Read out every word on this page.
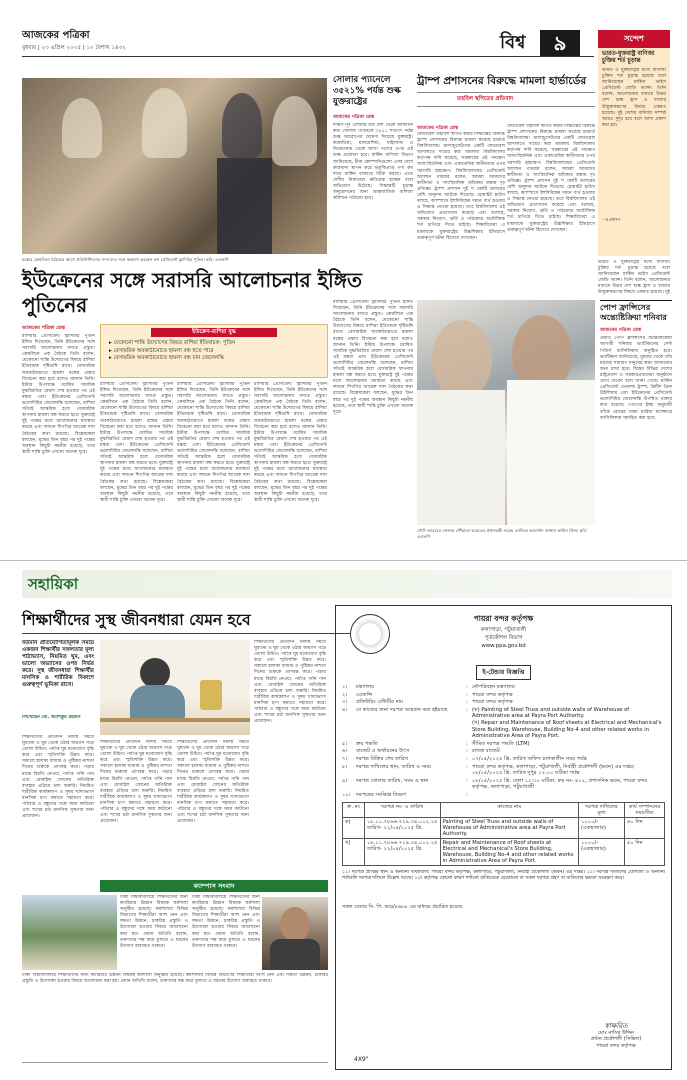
আজকের পত্রিকা
বুধবার | ২৩ এপ্রিল ২০২৫ | ১০ বৈশাখ ১৪৩২	বিশ্ব	৯	সন্দেশ
ভারত-যুক্তরাষ্ট্র বাণিজ্য চুক্তির শর্ত চূড়ান্ত
ভারত ও যুক্তরাষ্ট্রের মধ্যে বাণিজ্য চুক্তির শর্ত চূড়ান্ত হয়েছে বলে জানিয়েছেন মার্কিন ভাইস প্রেসিডেন্ট জেডি ভ্যান্স। তিনি বলেন, আলোচনার মাধ্যমে উভয় দেশ শুল্ক হ্রাস ও বাজার উন্মুক্তকরণের বিষয়ে একমত হয়েছে। দুই দেশের বাণিজ্য সম্পর্ক আরও সুদৃঢ় হবে বলে আশা প্রকাশ করা হয়।
- এএফপি
মস্কোর ক্রেমলিনে বৈঠকের আগে প্রতিনিধিদলের সদস্যদের সঙ্গে করমর্দন করছেন রুশ প্রেসিডেন্ট ভ্লাদিমির পুতিন। ছবি: এএফপি
সোলার প্যানেলে ৩৫২১% পর্যন্ত শুল্ক যুক্তরাষ্ট্রের
আজকের পত্রিকা ডেস্ক
দক্ষিণ-পূর্ব এশিয়ার চার দেশ থেকে আমদানি করা সোলার প্যানেলে ৩৫২১ শতাংশ পর্যন্ত শুল্ক আরোপের ঘোষণা দিয়েছে যুক্তরাষ্ট্র। কম্বোডিয়া, মালয়েশিয়া, থাইল্যান্ড ও ভিয়েতনাম থেকে আসা পণ্যের ওপর এই শুল্ক প্রযোজ্য হবে। মার্কিন বাণিজ্য বিভাগ জানিয়েছে, চীনা কোম্পানিগুলো এসব দেশে কারখানা স্থাপন করে ভর্তুকিপ্রাপ্ত পণ্য কম দামে মার্কিন বাজারে বিক্রি করছে। এতে দেশীয় নির্মাতারা ক্ষতিগ্রস্ত হচ্ছেন বলে অভিযোগ উঠেছে। সিদ্ধান্তটি চূড়ান্ত অনুমোদনের জন্য আন্তর্জাতিক বাণিজ্য কমিশনে পাঠানো হবে।
ট্রাম্প প্রশাসনের বিরুদ্ধে মামলা হার্ভার্ডের
তহবিল স্থগিতের প্রতিবাদ
আজকের পত্রিকা ডেস্ক
ফেডারেল তহবিল স্থগিত করার সিদ্ধান্তের বিরুদ্ধে ট্রাম্প প্রশাসনের বিরুদ্ধে মামলা করেছে হার্ভার্ড বিশ্ববিদ্যালয়। ম্যাসাচুসেটসের একটি ফেডারেল আদালতে দায়ের করা মামলায় বিশ্ববিদ্যালয় কর্তৃপক্ষ দাবি করেছে, সরকারের এই পদক্ষেপ অসাংবিধানিক এবং একাডেমিক স্বাধীনতার ওপর সরাসরি হস্তক্ষেপ। বিশ্ববিদ্যালয়ের প্রেসিডেন্ট অ্যালান গারবার বলেন, আমরা আমাদের স্বাধীনতা ও সাংবিধানিক অধিকার রক্ষায় দৃঢ় প্রতিজ্ঞ। ট্রাম্প প্রশাসন দুই শ কোটি ডলারের বেশি অনুদান আটকে দিয়েছে। হোয়াইট হাউস বলছে, ক্যাম্পাসে ইহুদিবিদ্বেষ দমনে ব্যর্থ হওয়ায় এ সিদ্ধান্ত নেওয়া হয়েছে। তবে বিশ্ববিদ্যালয় এই অভিযোগ প্রত্যাখ্যান করেছে এবং বলেছে, সরকার নিয়োগ, ভর্তি ও পাঠ্যক্রমে অযৌক্তিক শর্ত চাপিয়ে দিতে চাইছে। শিক্ষাবিদেরা এ মামলাকে যুক্তরাষ্ট্রের উচ্চশিক্ষার ইতিহাসে গুরুত্বপূর্ণ ঘটনা হিসেবে দেখছেন।
ফেডারেল তহবিল স্থগিত করার সিদ্ধান্তের বিরুদ্ধে ট্রাম্প প্রশাসনের বিরুদ্ধে মামলা করেছে হার্ভার্ড বিশ্ববিদ্যালয়। ম্যাসাচুসেটসের একটি ফেডারেল আদালতে দায়ের করা মামলায় বিশ্ববিদ্যালয় কর্তৃপক্ষ দাবি করেছে, সরকারের এই পদক্ষেপ অসাংবিধানিক এবং একাডেমিক স্বাধীনতার ওপর সরাসরি হস্তক্ষেপ। বিশ্ববিদ্যালয়ের প্রেসিডেন্ট অ্যালান গারবার বলেন, আমরা আমাদের স্বাধীনতা ও সাংবিধানিক অধিকার রক্ষায় দৃঢ় প্রতিজ্ঞ। ট্রাম্প প্রশাসন দুই শ কোটি ডলারের বেশি অনুদান আটকে দিয়েছে। হোয়াইট হাউস বলছে, ক্যাম্পাসে ইহুদিবিদ্বেষ দমনে ব্যর্থ হওয়ায় এ সিদ্ধান্ত নেওয়া হয়েছে। তবে বিশ্ববিদ্যালয় এই অভিযোগ প্রত্যাখ্যান করেছে এবং বলেছে, সরকার নিয়োগ, ভর্তি ও পাঠ্যক্রমে অযৌক্তিক শর্ত চাপিয়ে দিতে চাইছে। শিক্ষাবিদেরা এ মামলাকে যুক্তরাষ্ট্রের উচ্চশিক্ষার ইতিহাসে গুরুত্বপূর্ণ ঘটনা হিসেবে দেখছেন।
পোপ ফ্রান্সিসের অন্ত্যেষ্টিক্রিয়া শনিবার
আজকের পত্রিকা ডেস্ক
প্রয়াত পোপ ফ্রান্সিসের অন্ত্যেষ্টিক্রিয়া আগামী শনিবার ভ্যাটিকানের সেন্ট পিটার্স ব্যাসিলিকায় অনুষ্ঠিত হবে। ভ্যাটিকান জানিয়েছে, বুধবার থেকে তাঁর মরদেহ সাধারণ মানুষের শ্রদ্ধা জানানোর জন্য রাখা হবে। বিশ্বের বিভিন্ন দেশের রাষ্ট্রপ্রধান ও সরকারপ্রধানেরা অনুষ্ঠানে যোগ দেবেন বলে জানা গেছে। মার্কিন প্রেসিডেন্ট ডোনাল্ড ট্রাম্প, ব্রিটিশ প্রিন্স উইলিয়াম এবং ইউক্রেনের প্রেসিডেন্ট ভলোদিমির জেলেনস্কি উপস্থিত থাকার কথা রয়েছে। পোপের ইচ্ছা অনুযায়ী তাঁকে রোমের সান্তা মারিয়া মাজ্জোরে ব্যাসিলিকায় সমাহিত করা হবে।
ভারত ও যুক্তরাষ্ট্রের মধ্যে বাণিজ্য চুক্তির শর্ত চূড়ান্ত হয়েছে বলে জানিয়েছেন মার্কিন ভাইস প্রেসিডেন্ট জেডি ভ্যান্স। তিনি বলেন, আলোচনার মাধ্যমে উভয় দেশ শুল্ক হ্রাস ও বাজার উন্মুক্তকরণের বিষয়ে একমত হয়েছে। দুই
সৌদি আরবের জেদ্দায় পৌঁছালে ভারতের প্রধানমন্ত্রী নরেন্দ্র মোদিকে অভ্যর্থনা জানান ক্রাউন প্রিন্স। ছবি: এএফপি
ইউক্রেনের সঙ্গে সরাসরি আলোচনার ইঙ্গিত পুতিনের
আজকের পত্রিকা ডেস্ক
রাশিয়ার প্রেসিডেন্ট ভ্লাদিমির পুতিন ইঙ্গিত দিয়েছেন, তিনি ইউক্রেনের সঙ্গে সরাসরি আলোচনায় বসতে প্রস্তুত। ক্রেমলিনে এক বৈঠকে তিনি বলেন, যেকোনো শান্তি উদ্যোগের বিষয়ে রাশিয়া ইতিবাচক দৃষ্টিভঙ্গি রাখে। বেসামরিক অবকাঠামোতে হামলা বন্ধের প্রস্তাব বিবেচনা করা হবে বলেও জানান তিনি। ইস্টার উপলক্ষে ঘোষিত সাময়িক যুদ্ধবিরতির মেয়াদ শেষ হওয়ার পর এই মন্তব্য এল। ইউক্রেনের প্রেসিডেন্ট ভলোদিমির জেলেনস্কি বলেছেন, রাশিয়া সত্যিই আন্তরিক হলে বেসামরিক স্থাপনায় হামলা বন্ধ করতে হবে। যুক্তরাষ্ট্র দুই পক্ষের মধ্যে আলোচনার মধ্যস্থতা করছে এবং লন্ডনে শিগগির আরেক দফা বৈঠকের কথা রয়েছে। বিশ্লেষকেরা বলছেন, যুদ্ধের তিন বছর পর দুই পক্ষের অবস্থান কিছুটা নমনীয় হয়েছে, তবে স্থায়ী শান্তি চুক্তি এখনো অনেক দূরে।
ইউক্রেন-রাশিয়া যুদ্ধ
▸ যেকোনো শান্তি উদ্যোগের বিষয়ে রাশিয়া ইতিবাচক: পুতিন
▸ বেসামরিক অবকাঠামোতে হামলা বন্ধ হতে পারে
▸ বেসামরিক অবকাঠামোতে হামলা বন্ধ চান জেলেনস্কি
রাশিয়ার প্রেসিডেন্ট ভ্লাদিমির পুতিন ইঙ্গিত দিয়েছেন, তিনি ইউক্রেনের সঙ্গে সরাসরি আলোচনায় বসতে প্রস্তুত। ক্রেমলিনে এক বৈঠকে তিনি বলেন, যেকোনো শান্তি উদ্যোগের বিষয়ে রাশিয়া ইতিবাচক দৃষ্টিভঙ্গি রাখে। বেসামরিক অবকাঠামোতে হামলা বন্ধের প্রস্তাব বিবেচনা করা হবে বলেও জানান তিনি। ইস্টার উপলক্ষে ঘোষিত সাময়িক যুদ্ধবিরতির মেয়াদ শেষ হওয়ার পর এই মন্তব্য এল। ইউক্রেনের প্রেসিডেন্ট ভলোদিমির জেলেনস্কি বলেছেন, রাশিয়া সত্যিই আন্তরিক হলে বেসামরিক স্থাপনায় হামলা বন্ধ করতে হবে। যুক্তরাষ্ট্র দুই পক্ষের মধ্যে আলোচনার মধ্যস্থতা করছে এবং লন্ডনে শিগগির আরেক দফা বৈঠকের কথা রয়েছে। বিশ্লেষকেরা বলছেন, যুদ্ধের তিন বছর পর দুই পক্ষের অবস্থান কিছুটা নমনীয় হয়েছে, তবে স্থায়ী শান্তি চুক্তি এখনো অনেক দূরে।
রাশিয়ার প্রেসিডেন্ট ভ্লাদিমির পুতিন ইঙ্গিত দিয়েছেন, তিনি ইউক্রেনের সঙ্গে সরাসরি আলোচনায় বসতে প্রস্তুত। ক্রেমলিনে এক বৈঠকে তিনি বলেন, যেকোনো শান্তি উদ্যোগের বিষয়ে রাশিয়া ইতিবাচক দৃষ্টিভঙ্গি রাখে। বেসামরিক অবকাঠামোতে হামলা বন্ধের প্রস্তাব বিবেচনা করা হবে বলেও জানান তিনি। ইস্টার উপলক্ষে ঘোষিত সাময়িক যুদ্ধবিরতির মেয়াদ শেষ হওয়ার পর এই মন্তব্য এল। ইউক্রেনের প্রেসিডেন্ট ভলোদিমির জেলেনস্কি বলেছেন, রাশিয়া সত্যিই আন্তরিক হলে বেসামরিক স্থাপনায় হামলা বন্ধ করতে হবে। যুক্তরাষ্ট্র দুই পক্ষের মধ্যে আলোচনার মধ্যস্থতা করছে এবং লন্ডনে শিগগির আরেক দফা বৈঠকের কথা রয়েছে। বিশ্লেষকেরা বলছেন, যুদ্ধের তিন বছর পর দুই পক্ষের অবস্থান কিছুটা নমনীয় হয়েছে, তবে স্থায়ী শান্তি চুক্তি এখনো অনেক দূরে।
রাশিয়ার প্রেসিডেন্ট ভ্লাদিমির পুতিন ইঙ্গিত দিয়েছেন, তিনি ইউক্রেনের সঙ্গে সরাসরি আলোচনায় বসতে প্রস্তুত। ক্রেমলিনে এক বৈঠকে তিনি বলেন, যেকোনো শান্তি উদ্যোগের বিষয়ে রাশিয়া ইতিবাচক দৃষ্টিভঙ্গি রাখে। বেসামরিক অবকাঠামোতে হামলা বন্ধের প্রস্তাব বিবেচনা করা হবে বলেও জানান তিনি। ইস্টার উপলক্ষে ঘোষিত সাময়িক যুদ্ধবিরতির মেয়াদ শেষ হওয়ার পর এই মন্তব্য এল। ইউক্রেনের প্রেসিডেন্ট ভলোদিমির জেলেনস্কি বলেছেন, রাশিয়া সত্যিই আন্তরিক হলে বেসামরিক স্থাপনায় হামলা বন্ধ করতে হবে। যুক্তরাষ্ট্র দুই পক্ষের মধ্যে আলোচনার মধ্যস্থতা করছে এবং লন্ডনে শিগগির আরেক দফা বৈঠকের কথা রয়েছে। বিশ্লেষকেরা বলছেন, যুদ্ধের তিন বছর পর দুই পক্ষের অবস্থান কিছুটা নমনীয় হয়েছে, তবে স্থায়ী শান্তি চুক্তি এখনো অনেক দূরে।
রাশিয়ার প্রেসিডেন্ট ভ্লাদিমির পুতিন ইঙ্গিত দিয়েছেন, তিনি ইউক্রেনের সঙ্গে সরাসরি আলোচনায় বসতে প্রস্তুত। ক্রেমলিনে এক বৈঠকে তিনি বলেন, যেকোনো শান্তি উদ্যোগের বিষয়ে রাশিয়া ইতিবাচক দৃষ্টিভঙ্গি রাখে। বেসামরিক অবকাঠামোতে হামলা বন্ধের প্রস্তাব বিবেচনা করা হবে বলেও জানান তিনি। ইস্টার উপলক্ষে ঘোষিত সাময়িক যুদ্ধবিরতির মেয়াদ শেষ হওয়ার পর এই মন্তব্য এল। ইউক্রেনের প্রেসিডেন্ট ভলোদিমির জেলেনস্কি বলেছেন, রাশিয়া সত্যিই আন্তরিক হলে বেসামরিক স্থাপনায় হামলা বন্ধ করতে হবে। যুক্তরাষ্ট্র দুই পক্ষের মধ্যে আলোচনার মধ্যস্থতা করছে এবং লন্ডনে শিগগির আরেক দফা বৈঠকের কথা রয়েছে। বিশ্লেষকেরা বলছেন, যুদ্ধের তিন বছর পর দুই পক্ষের অবস্থান কিছুটা নমনীয় হয়েছে, তবে স্থায়ী শান্তি চুক্তি এখনো অনেক দূরে।
সহায়িকা
শিক্ষার্থীদের সুস্থ জীবনধারা যেমন হবে
বর্তমান প্রতিযোগিতামূলক সময়ে একজন শিক্ষার্থীর সফলতার মূল্য পাঠাভ্যাস, নিয়মিত ঘুম, এবং ভালো অভ্যাসের ওপর নির্ভর করে। সুস্থ জীবনধারা শিক্ষার্থীর মানসিক ও শারীরিক বিকাশে গুরুত্বপূর্ণ ভূমিকা রাখে।
লিখেছেন মো. আশিকুর রহমান
শিক্ষার্থীদের প্রতিদিন নির্দিষ্ট সময়ে ঘুমানো ও ঘুম থেকে ওঠার অভ্যাস গড়ে তোলা উচিত। পর্যাপ্ত ঘুম মনোযোগ বৃদ্ধি করে এবং স্মৃতিশক্তি উন্নত করে। সকালে হালকা ব্যায়াম ও পুষ্টিকর নাশতা দিনের শুরুকে প্রাণবন্ত করে। পড়ার মাঝে বিরতি নেওয়া, পর্যাপ্ত পানি পান এবং মোবাইল ফোনের অতিরিক্ত ব্যবহার এড়িয়ে চলা জরুরি। নিয়মিত শারীরিক কার্যকলাপ ও সুষম খাদ্যাভ্যাস মানসিক চাপ কমাতে সহায়তা করে। পরিবার ও বন্ধুদের সঙ্গে সময় কাটানো এবং শখের চর্চা মানসিক সুস্থতার জন্য প্রয়োজন।
শিক্ষার্থীদের প্রতিদিন নির্দিষ্ট সময়ে ঘুমানো ও ঘুম থেকে ওঠার অভ্যাস গড়ে তোলা উচিত। পর্যাপ্ত ঘুম মনোযোগ বৃদ্ধি করে এবং স্মৃতিশক্তি উন্নত করে। সকালে হালকা ব্যায়াম ও পুষ্টিকর নাশতা দিনের শুরুকে প্রাণবন্ত করে। পড়ার মাঝে বিরতি নেওয়া, পর্যাপ্ত পানি পান এবং মোবাইল ফোনের অতিরিক্ত ব্যবহার এড়িয়ে চলা জরুরি। নিয়মিত শারীরিক কার্যকলাপ ও সুষম খাদ্যাভ্যাস মানসিক চাপ কমাতে সহায়তা করে। পরিবার ও বন্ধুদের সঙ্গে সময় কাটানো এবং শখের চর্চা মানসিক সুস্থতার জন্য প্রয়োজন।
শিক্ষার্থীদের প্রতিদিন নির্দিষ্ট সময়ে ঘুমানো ও ঘুম থেকে ওঠার অভ্যাস গড়ে তোলা উচিত। পর্যাপ্ত ঘুম মনোযোগ বৃদ্ধি করে এবং স্মৃতিশক্তি উন্নত করে। সকালে হালকা ব্যায়াম ও পুষ্টিকর নাশতা দিনের শুরুকে প্রাণবন্ত করে। পড়ার মাঝে বিরতি নেওয়া, পর্যাপ্ত পানি পান এবং মোবাইল ফোনের অতিরিক্ত ব্যবহার এড়িয়ে চলা জরুরি। নিয়মিত শারীরিক কার্যকলাপ ও সুষম খাদ্যাভ্যাস মানসিক চাপ কমাতে সহায়তা করে। পরিবার ও বন্ধুদের সঙ্গে সময় কাটানো এবং শখের চর্চা মানসিক সুস্থতার জন্য প্রয়োজন।
শিক্ষার্থীদের প্রতিদিন নির্দিষ্ট সময়ে ঘুমানো ও ঘুম থেকে ওঠার অভ্যাস গড়ে তোলা উচিত। পর্যাপ্ত ঘুম মনোযোগ বৃদ্ধি করে এবং স্মৃতিশক্তি উন্নত করে। সকালে হালকা ব্যায়াম ও পুষ্টিকর নাশতা দিনের শুরুকে প্রাণবন্ত করে। পড়ার মাঝে বিরতি নেওয়া, পর্যাপ্ত পানি পান এবং মোবাইল ফোনের অতিরিক্ত ব্যবহার এড়িয়ে চলা জরুরি। নিয়মিত শারীরিক কার্যকলাপ ও সুষম খাদ্যাভ্যাস মানসিক চাপ কমাতে সহায়তা করে। পরিবার ও বন্ধুদের সঙ্গে সময় কাটানো এবং শখের চর্চা মানসিক সুস্থতার জন্য প্রয়োজন।
ক্যাম্পাস সংবাদ
ঢাকা বিশ্ববিদ্যালয়ে শিক্ষার্থীদের জন্য ক্যারিয়ার উন্নয়ন বিষয়ক কর্মশালা অনুষ্ঠিত হয়েছে। কর্মশালায় বিভিন্ন বিভাগের শিক্ষার্থীরা অংশ নেন এবং দক্ষতা উন্নয়ন, চাকরির প্রস্তুতি ও উদ্যোক্তা হওয়ার বিষয়ে আলোচনা করা হয়। প্রধান অতিথি বলেন, তরুণদের দক্ষ করে তুলতে এ ধরনের উদ্যোগ অব্যাহত থাকবে।
ঢাকা বিশ্ববিদ্যালয়ে শিক্ষার্থীদের জন্য ক্যারিয়ার উন্নয়ন বিষয়ক কর্মশালা অনুষ্ঠিত হয়েছে। কর্মশালায় বিভিন্ন বিভাগের শিক্ষার্থীরা অংশ নেন এবং দক্ষতা উন্নয়ন, চাকরির প্রস্তুতি ও উদ্যোক্তা হওয়ার বিষয়ে আলোচনা করা হয়। প্রধান অতিথি বলেন, তরুণদের দক্ষ করে তুলতে এ ধরনের উদ্যোগ অব্যাহত থাকবে।
ঢাকা বিশ্ববিদ্যালয়ে শিক্ষার্থীদের জন্য ক্যারিয়ার উন্নয়ন বিষয়ক কর্মশালা অনুষ্ঠিত হয়েছে। কর্মশালায় বিভিন্ন বিভাগের শিক্ষার্থীরা অংশ নেন এবং দক্ষতা উন্নয়ন, চাকরির প্রস্তুতি ও উদ্যোক্তা হওয়ার বিষয়ে আলোচনা করা হয়। প্রধান অতিথি বলেন, তরুণদের দক্ষ করে তুলতে এ ধরনের উদ্যোগ অব্যাহত থাকবে।
পায়রা বন্দর কর্তৃপক্ষ
কলাপাড়া, পটুয়াখালী
পূর্তকৌশল বিভাগ
www.ppa.gov.bd
ই-টেন্ডার বিজ্ঞপ্তি
১।	মন্ত্রণালয়	: নৌপরিবহন মন্ত্রণালয়
২।	এজেন্সি	: পায়রা বন্দর কর্তৃপক্ষ
৩।	প্রকিউরিং এন্টিটির নাম	: পায়রা বন্দর কর্তৃপক্ষ
৪।	যে কাজের জন্য দরপত্র আহবান করা হইয়াছে	: (ক) Painting of Steel Truss and outside walls of Warehouse of Administrative area at Payra Port Authority.
(খ) Repair and Maintenance of Roof sheets at Electrical and Mechanical's Store Building, Warehouse, Building No-4 and other related works in Administrative Area of Payra Port.
৫।	ক্রয় পদ্ধতি	: সীমিত দরপত্র পদ্ধতি (LTM)
৬।	বাজেট ও অর্থায়নের উৎস	: রাজস্ব বাজেট
৭।	দরপত্র বিক্রির শেষ তারিখ	: ০৭/০৫/২০২৫ খ্রি. তারিখ অফিস চলাকালীন সময় পর্যন্ত
৮।	দরপত্র দাখিলের স্থান, তারিখ ও সময়	: পায়রা বন্দর কর্তৃপক্ষ, কলাপাড়া, পটুয়াখালী, নির্বাহী প্রকৌশলী (ভবন) এর দপ্তর; ০৮/০৫/২০২৫ খ্রি. তারিখ দুপুর ১২:০০ ঘটিকা পর্যন্ত
৯।	দরপত্র খোলার তারিখ, সময় ও স্থান	: ০৮/০৫/২০২৫ খ্রি. বেলা ১২:৩০ ঘটিকা, রুম নং- ৪১২, প্রশাসনিক ভবন, পায়রা বন্দর কর্তৃপক্ষ, কলাপাড়া, পটুয়াখালী
১০।	দরপত্রের সংক্ষিপ্ত বিবরণ	:
ক্র. নং	দরপত্র নং- ও তারিখ	কাজের নাম	দরপত্র দাখিলের মূল্য	কার্য সম্পাদনের সময়সীমা
ক)	১৮.১১.৭৮৬৬.৭২৯.৩৪.০০২.২৫ তারিখ- ২২/০৪/২০২৫ খ্রি.	Painting of Steel Truss and outside walls of Warehouse of Administrative area at Payra Port Authority.	১০০০/- (একহাজার)	৬০ দিন
খ)	১৮.১১.৭৮৬৬.৭২৯.৩৪.০০২.২৫ তারিখ- ২২/০৪/২০২৫ খ্রি.	Repair and Maintenance of Roof sheets at Electrical and Mechanical's Store Building, Warehouse, Building No-4 and other related works in Administrative Area of Payra Port.	১০০০/- (একহাজার)	৫০ দিন
১১। দরপত্র প্রাপ্তির স্থান ও অন্যান্য তথ্যাবলি: পায়রা বন্দর কর্তৃপক্ষ, কলাপাড়া, পটুয়াখালী, নির্বাহী প্রকৌশলী (ভবন) এর দপ্তর। ১২। দরপত্র দাতাদের যোগ্যতা ও অন্যান্য শর্তাবলি দরপত্র দলিলে উল্লেখ আছে। ১৩। কর্তৃপক্ষ কোনো কারণ দর্শানো ব্যতিরেকে যেকোনো বা সকল দরপত্র গ্রহণ বা বাতিলের ক্ষমতা সংরক্ষণ করে।
সকল বেতার সি. পি. আর/৪৬৮৮ এর মাধ্যমে প্রচারিত হয়েছে
স্বাক্ষরিত
মোঃ নাসির উদ্দিন
প্রধান প্রকৌশলী (সিভিল)
পায়রা বন্দর কর্তৃপক্ষ
4X9"
